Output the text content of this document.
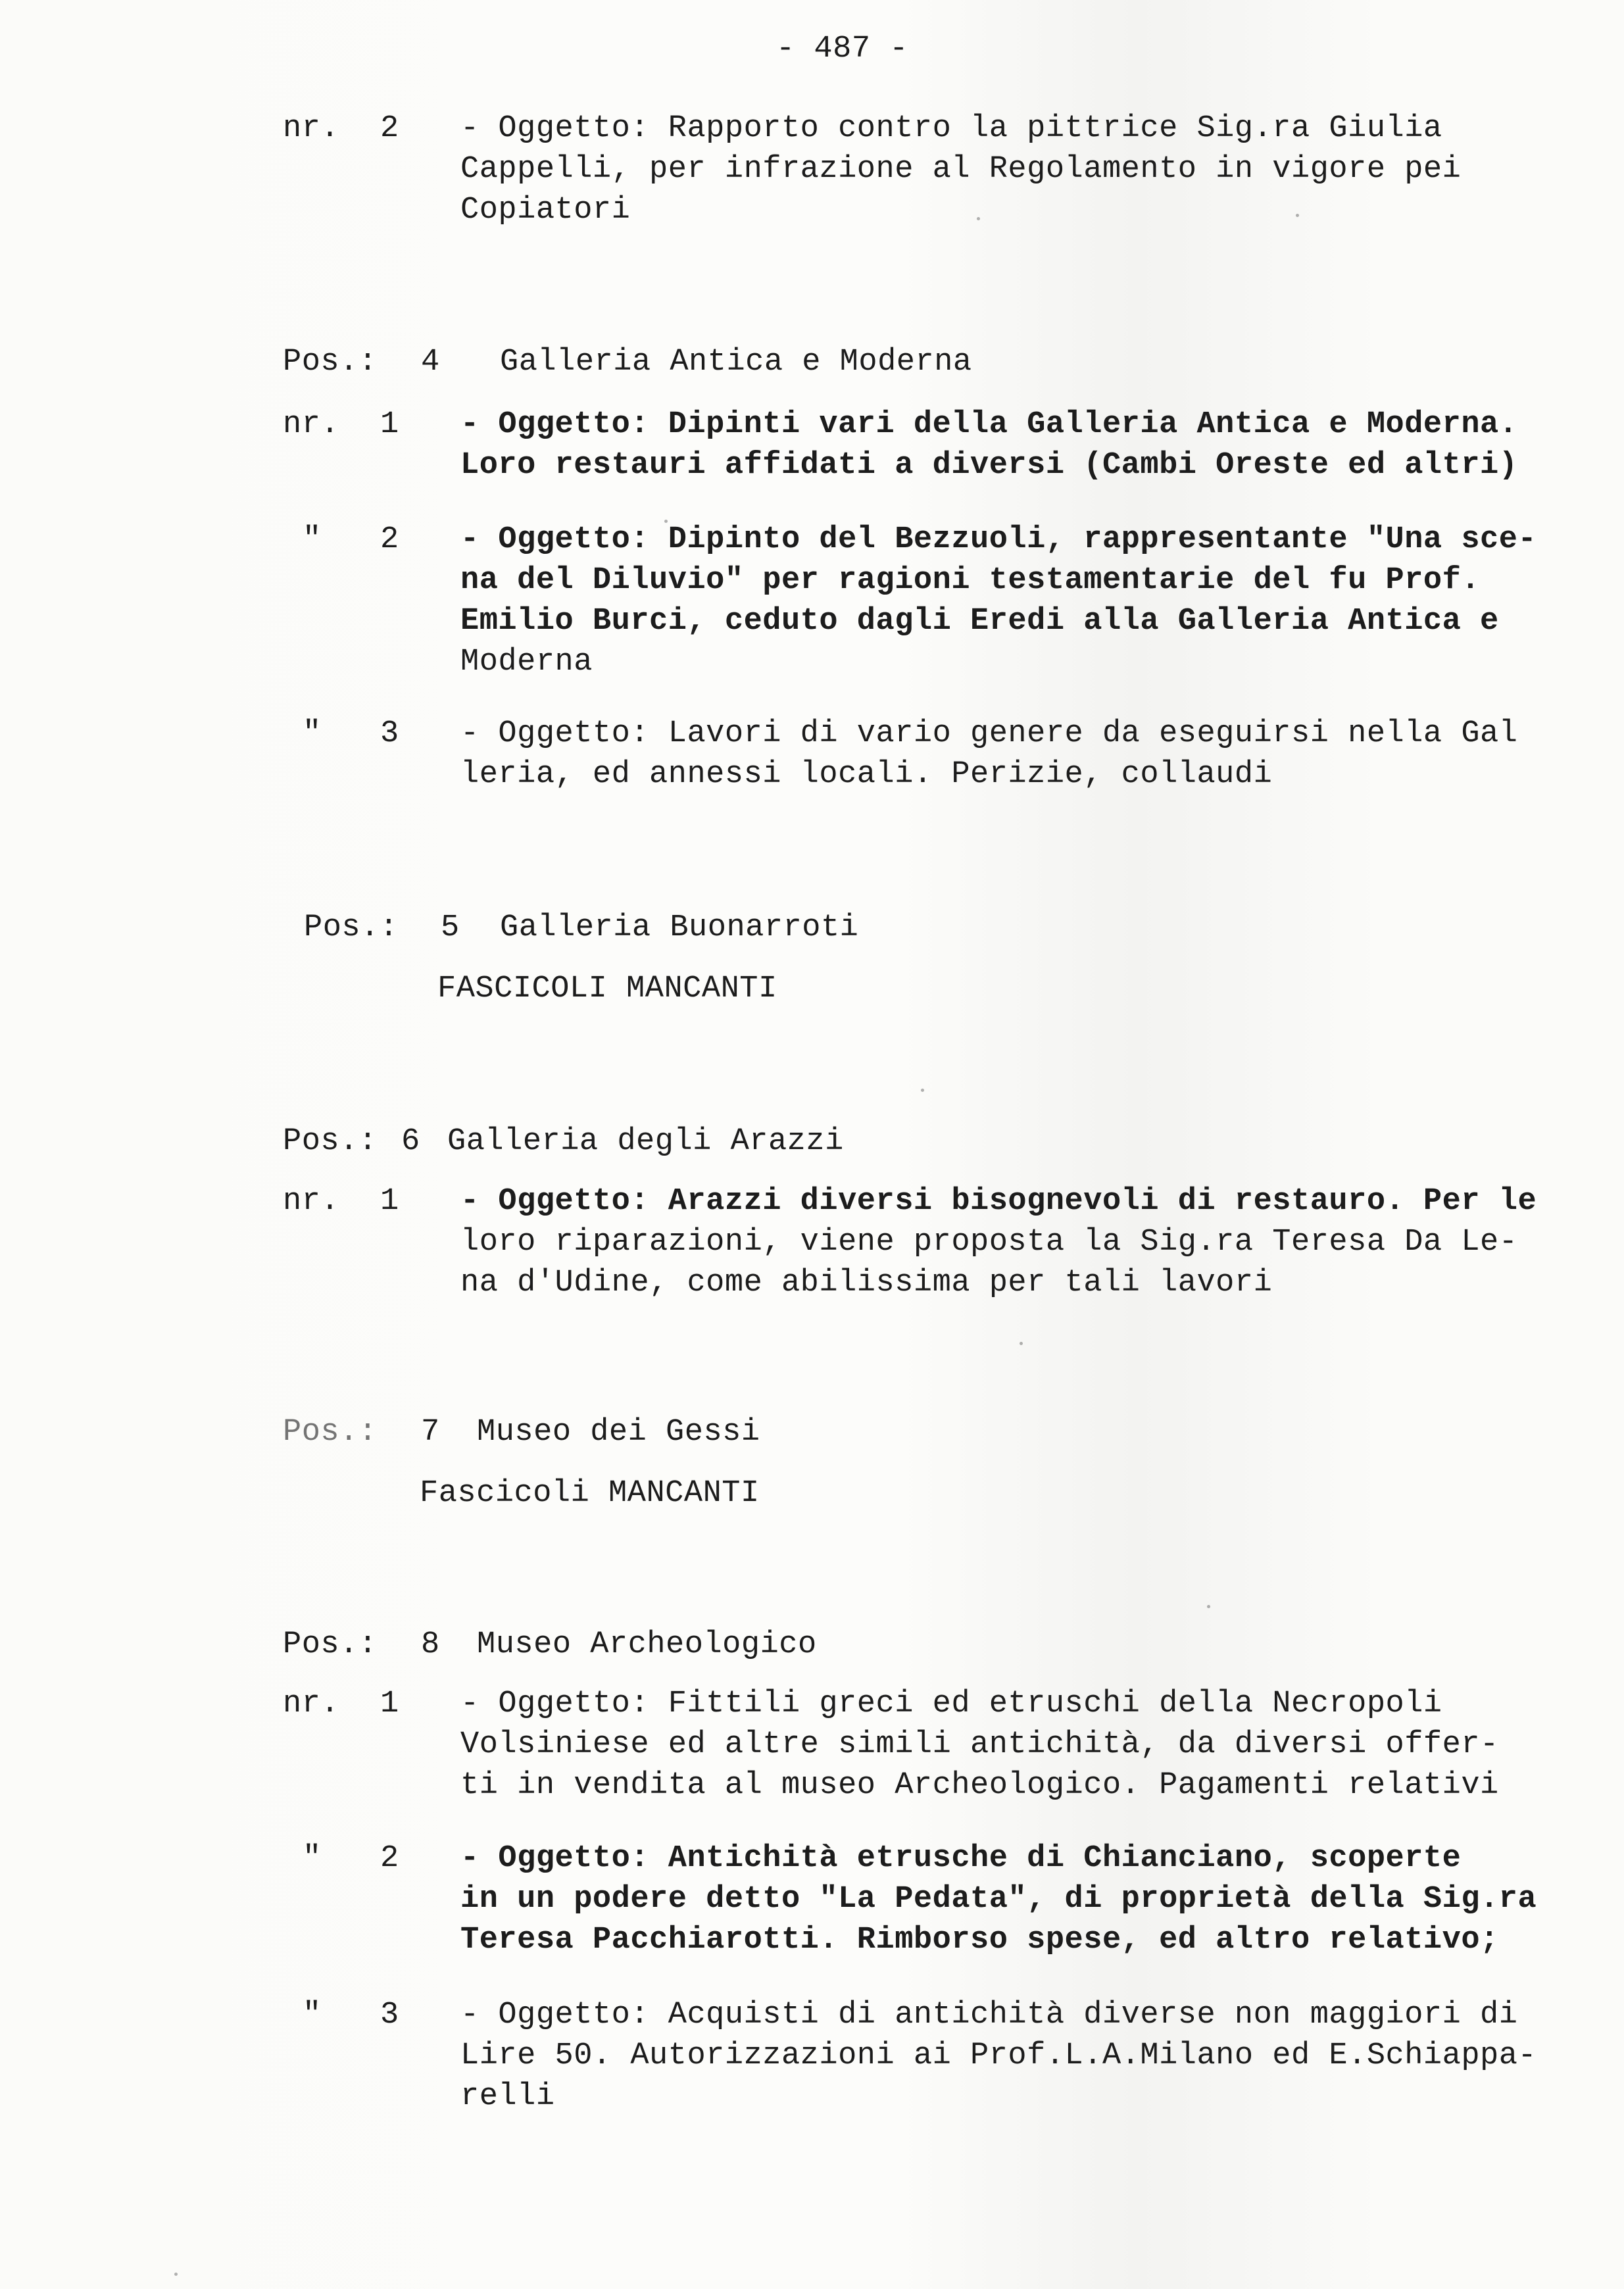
- 487 -
nr. 2 - Oggetto: Rapporto contro la pittrice Sig.ra Giulia
Cappelli, per infrazione al Regolamento in vigore pei
Copiatori
Pos.: 4 Galleria Antica e Moderna
nr. 1 - Oggetto: Dipinti vari della Galleria Antica e Moderna.
Loro restauri affidati a diversi (Cambi Oreste ed altri)
" 2 - Oggetto: Dipinto del Bezzuoli, rappresentante "Una sce-
na del Diluvio" per ragioni testamentarie del fu Prof.
Emilio Burci, ceduto dagli Eredi alla Galleria Antica e
Moderna
" 3 - Oggetto: Lavori di vario genere da eseguirsi nella Gal
leria, ed annessi locali. Perizie, collaudi
Pos.: 5 Galleria Buonarroti
FASCICOLI MANCANTI
Pos.: 6 Galleria degli Arazzi
nr. 1 - Oggetto: Arazzi diversi bisognevoli di restauro. Per le
loro riparazioni, viene proposta la Sig.ra Teresa Da Le-
na d'Udine, come abilissima per tali lavori
Pos.: 7 Museo dei Gessi
Fascicoli MANCANTI
Pos.: 8 Museo Archeologico
nr. 1 - Oggetto: Fittili greci ed etruschi della Necropoli
Volsiniese ed altre simili antichità, da diversi offer-
ti in vendita al museo Archeologico. Pagamenti relativi
" 2 - Oggetto: Antichità etrusche di Chianciano, scoperte
in un podere detto "La Pedata", di proprietà della Sig.ra
Teresa Pacchiarotti. Rimborso spese, ed altro relativo;
" 3 - Oggetto: Acquisti di antichità diverse non maggiori di
Lire 50. Autorizzazioni ai Prof.L.A.Milano ed E.Schiappa-
relli
